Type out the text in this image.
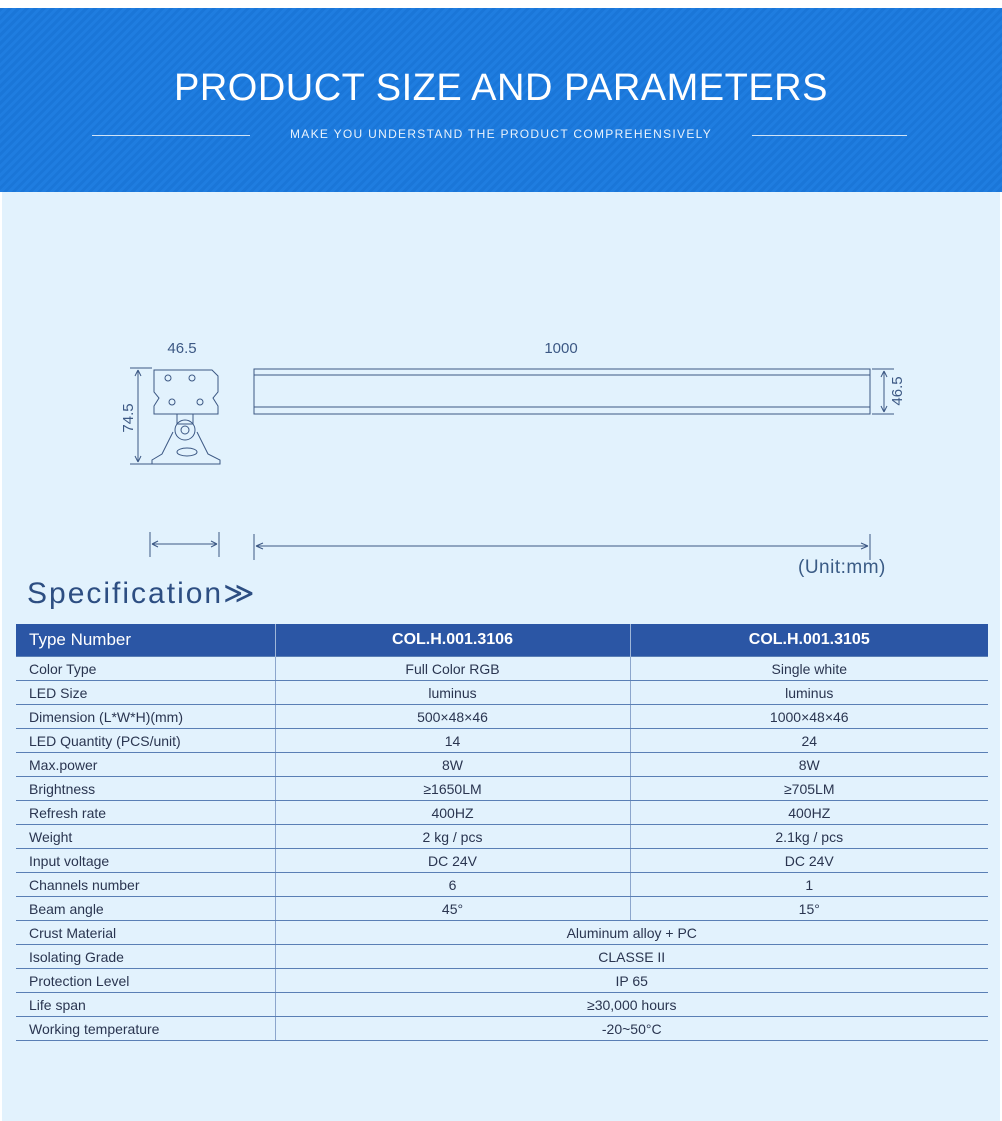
PRODUCT SIZE AND PARAMETERS
MAKE YOU UNDERSTAND THE PRODUCT COMPREHENSIVELY
46.5	1000
74.5
46.5
(Unit:mm)
Specification≫
Type Number	COL.H.001.3106	COL.H.001.3105
Color Type	Full Color RGB	Single white
LED Size	luminus	luminus
Dimension (L*W*H)(mm)	500×48×46	1000×48×46
LED Quantity (PCS/unit)	14	24
Max.power	8W	8W
Brightness	≥1650LM	≥705LM
Refresh rate	400HZ	400HZ
Weight	2 kg / pcs	2.1kg / pcs
Input voltage	DC 24V	DC 24V
Channels number	6	1
Beam angle	45°	15°
Crust Material	Aluminum alloy + PC	
Isolating Grade	CLASSE II	
Protection Level	IP 65	
Life span	≥30,000 hours	
Working temperature	-20~50°C	
